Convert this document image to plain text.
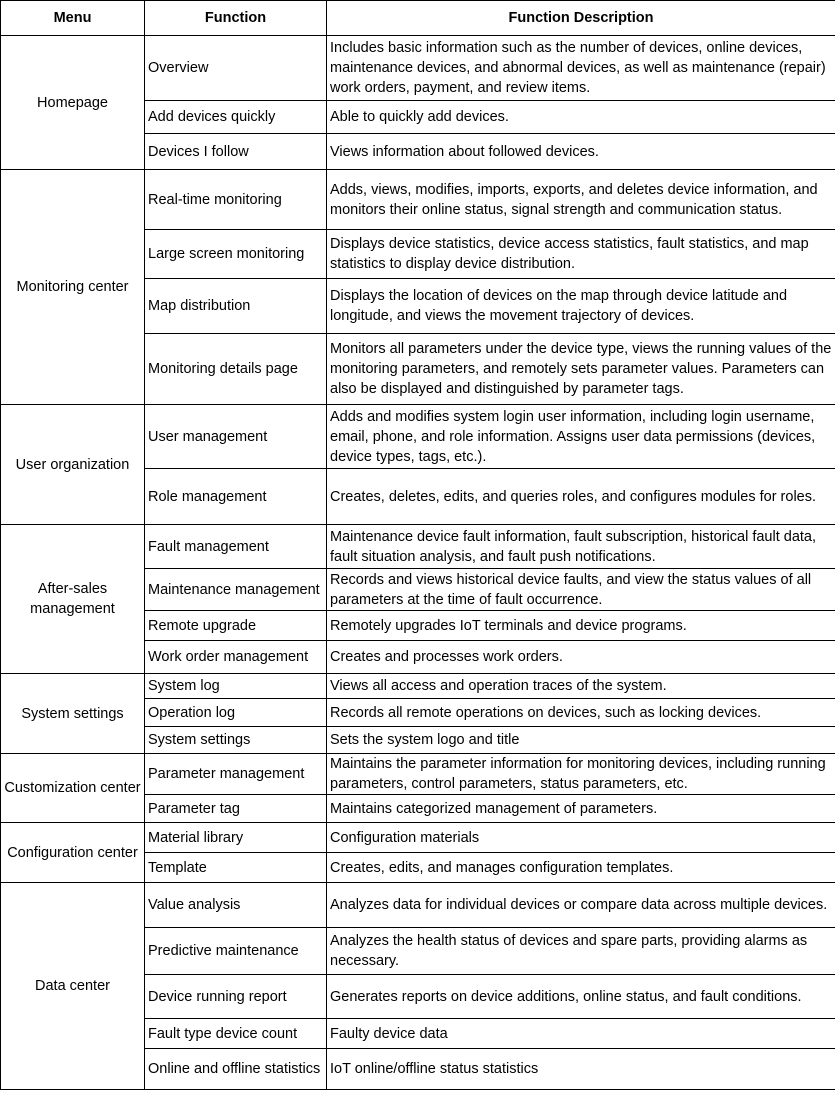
Menu	Function	Function Description
Homepage	Overview	Includes basic information such as the number of devices, online devices, maintenance devices, and abnormal devices, as well as maintenance (repair) work orders, payment, and review items.
	Add devices quickly	Able to quickly add devices.
	Devices I follow	Views information about followed devices.
Monitoring center	Real-time monitoring	Adds, views, modifies, imports, exports, and deletes device information, and monitors their online status, signal strength and communication status.
	Large screen monitoring	Displays device statistics, device access statistics, fault statistics, and map statistics to display device distribution.
	Map distribution	Displays the location of devices on the map through device latitude and longitude, and views the movement trajectory of devices.
	Monitoring details page	Monitors all parameters under the device type, views the running values of the monitoring parameters, and remotely sets parameter values. Parameters can also be displayed and distinguished by parameter tags.
User organization	User management	Adds and modifies system login user information, including login username, email, phone, and role information. Assigns user data permissions (devices, device types, tags, etc.).
	Role management	Creates, deletes, edits, and queries roles, and configures modules for roles.
After-sales management	Fault management	Maintenance device fault information, fault subscription, historical fault data, fault situation analysis, and fault push notifications.
	Maintenance management	Records and views historical device faults, and view the status values of all parameters at the time of fault occurrence.
	Remote upgrade	Remotely upgrades IoT terminals and device programs.
	Work order management	Creates and processes work orders.
System settings	System log	Views all access and operation traces of the system.
	Operation log	Records all remote operations on devices, such as locking devices.
	System settings	Sets the system logo and title
Customization center	Parameter management	Maintains the parameter information for monitoring devices, including running parameters, control parameters, status parameters, etc.
	Parameter tag	Maintains categorized management of parameters.
Configuration center	Material library	Configuration materials
	Template	Creates, edits, and manages configuration templates.
Data center	Value analysis	Analyzes data for individual devices or compare data across multiple devices.
	Predictive maintenance	Analyzes the health status of devices and spare parts, providing alarms as necessary.
	Device running report	Generates reports on device additions, online status, and fault conditions.
	Fault type device count	Faulty device data
	Online and offline statistics	IoT online/offline status statistics
